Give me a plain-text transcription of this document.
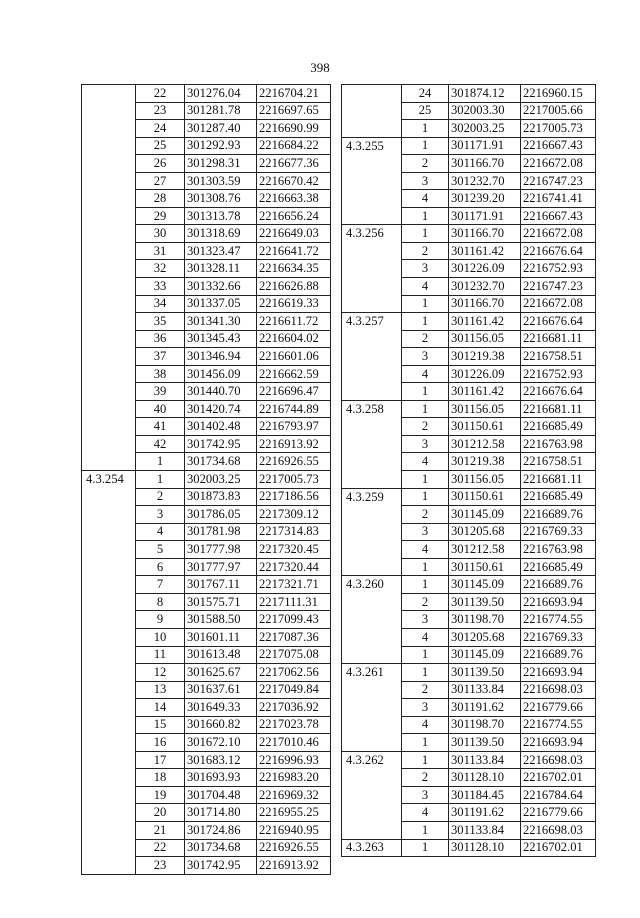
398
	22	301276.04	2216704.21
	23	301281.78	2216697.65
	24	301287.40	2216690.99
	25	301292.93	2216684.22
	26	301298.31	2216677.36
	27	301303.59	2216670.42
	28	301308.76	2216663.38
	29	301313.78	2216656.24
	30	301318.69	2216649.03
	31	301323.47	2216641.72
	32	301328.11	2216634.35
	33	301332.66	2216626.88
	34	301337.05	2216619.33
	35	301341.30	2216611.72
	36	301345.43	2216604.02
	37	301346.94	2216601.06
	38	301456.09	2216662.59
	39	301440.70	2216696.47
	40	301420.74	2216744.89
	41	301402.48	2216793.97
	42	301742.95	2216913.92
	1	301734.68	2216926.55
4.3.254	1	302003.25	2217005.73
	2	301873.83	2217186.56
	3	301786.05	2217309.12
	4	301781.98	2217314.83
	5	301777.98	2217320.45
	6	301777.97	2217320.44
	7	301767.11	2217321.71
	8	301575.71	2217111.31
	9	301588.50	2217099.43
	10	301601.11	2217087.36
	11	301613.48	2217075.08
	12	301625.67	2217062.56
	13	301637.61	2217049.84
	14	301649.33	2217036.92
	15	301660.82	2217023.78
	16	301672.10	2217010.46
	17	301683.12	2216996.93
	18	301693.93	2216983.20
	19	301704.48	2216969.32
	20	301714.80	2216955.25
	21	301724.86	2216940.95
	22	301734.68	2216926.55
	23	301742.95	2216913.92
	24	301874.12	2216960.15
	25	302003.30	2217005.66
	1	302003.25	2217005.73
4.3.255	1	301171.91	2216667.43
	2	301166.70	2216672.08
	3	301232.70	2216747.23
	4	301239.20	2216741.41
	1	301171.91	2216667.43
4.3.256	1	301166.70	2216672.08
	2	301161.42	2216676.64
	3	301226.09	2216752.93
	4	301232.70	2216747.23
	1	301166.70	2216672.08
4.3.257	1	301161.42	2216676.64
	2	301156.05	2216681.11
	3	301219.38	2216758.51
	4	301226.09	2216752.93
	1	301161.42	2216676.64
4.3.258	1	301156.05	2216681.11
	2	301150.61	2216685.49
	3	301212.58	2216763.98
	4	301219.38	2216758.51
	1	301156.05	2216681.11
4.3.259	1	301150.61	2216685.49
	2	301145.09	2216689.76
	3	301205.68	2216769.33
	4	301212.58	2216763.98
	1	301150.61	2216685.49
4.3.260	1	301145.09	2216689.76
	2	301139.50	2216693.94
	3	301198.70	2216774.55
	4	301205.68	2216769.33
	1	301145.09	2216689.76
4.3.261	1	301139.50	2216693.94
	2	301133.84	2216698.03
	3	301191.62	2216779.66
	4	301198.70	2216774.55
	1	301139.50	2216693.94
4.3.262	1	301133.84	2216698.03
	2	301128.10	2216702.01
	3	301184.45	2216784.64
	4	301191.62	2216779.66
	1	301133.84	2216698.03
4.3.263	1	301128.10	2216702.01
